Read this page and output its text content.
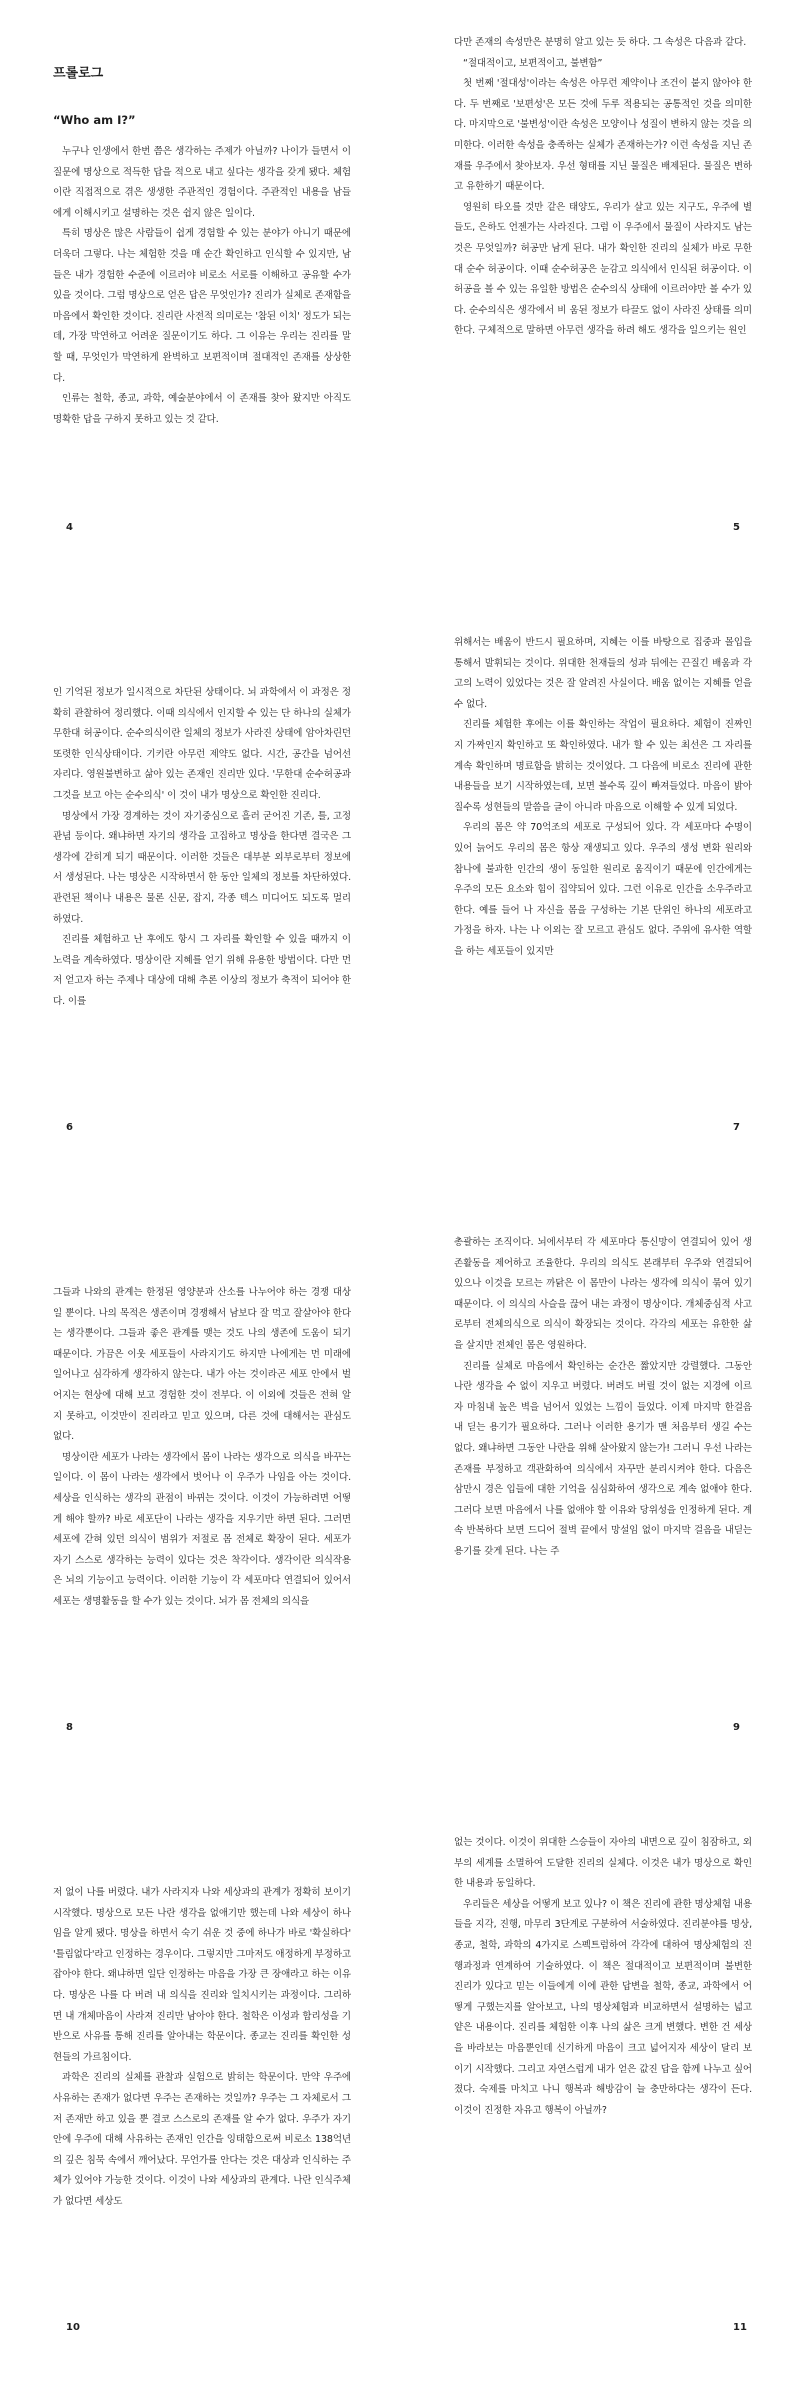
프롤로그
“Who am I?”

누구나 인생에서 한번 쯤은 생각하는 주제가 아닐까? 나이가 들면서 이 질문에 명상으로 적득한 답을 적으로 내고 싶다는 생각을 갖게 됐다. 체험이란 직접적으로 겪은 생생한 주관적인 경험이다. 주관적인 내용을 남들에게 이해시키고 설명하는 것은 쉽지 않은 일이다.

특히 명상은 많은 사람들이 쉽게 경험할 수 있는 분야가 아니기 때문에 더욱더 그렇다. 나는 체험한 것을 매 순간 확인하고 인식할 수 있지만, 남들은 내가 경험한 수준에 이르러야 비로소 서로를 이해하고 공유할 수가 있을 것이다. 그럼 명상으로 얻은 답은 무엇인가? 진리가 실체로 존재함을 마음에서 확인한 것이다. 진리란 사전적 의미로는 '참된 이치' 정도가 되는데, 가장 막연하고 어려운 질문이기도 하다. 그 이유는 우리는 진리를 말할 때, 무엇인가 막연하게 완벽하고 보편적이며 절대적인 존재를 상상한다.

인류는 철학, 종교, 과학, 예술분야에서 이 존재를 찾아 왔지만 아직도 명확한 답을 구하지 못하고 있는 것 같다.

4

다만 존재의 속성만은 분명히 알고 있는 듯 하다. 그 속성은 다음과 같다.

“절대적이고, 보편적이고, 불변함”

첫 번째 '절대성'이라는 속성은 아무런 제약이나 조건이 붙지 않아야 한다. 두 번째로 '보편성'은 모든 것에 두루 적용되는 공통적인 것을 의미한다. 마지막으로 '불변성'이란 속성은 모양이나 성질이 변하지 않는 것을 의미한다. 이러한 속성을 충족하는 실체가 존재하는가? 이런 속성을 지닌 존재를 우주에서 찾아보자. 우선 형태를 지닌 물질은 배제된다. 물질은 변하고 유한하기 때문이다.

영원히 타오를 것만 같은 태양도, 우리가 살고 있는 지구도, 우주에 별들도, 은하도 언젠가는 사라진다. 그럼 이 우주에서 물질이 사라지도 남는 것은 무엇일까? 허공만 남게 된다. 내가 확인한 진리의 실체가 바로 무한대 순수 허공이다. 이때 순수허공은 눈감고 의식에서 인식된 허공이다. 이 허공을 볼 수 있는 유일한 방법은 순수의식 상태에 이르러야만 볼 수가 있다. 순수의식은 생각에서 비 움된 정보가 타끌도 없이 사라진 상태를 의미한다. 구체적으로 말하면 아무런 생각을 하려 해도 생각을 일으키는 원인

5

인 기억된 정보가 일시적으로 차단된 상태이다. 뇌 과학에서 이 과정은 정확히 관찰하여 정리했다. 이때 의식에서 인지할 수 있는 단 하나의 실체가 무한대 허공이다. 순수의식이란 일체의 정보가 사라진 상태에 암아차린던 또렷한 인식상태이다. 기키란 아무런 제약도 없다. 시간, 공간을 넘어선 자리다. 영원불변하고 삶아 있는 존재인 진리만 있다. '무한대 순수허공과 그것을 보고 아는 순수의식' 이 것이 내가 명상으로 확인한 진리다.

명상에서 가장 경계하는 것이 자기중심으로 흘러 굳어진 기존, 틀, 고정관념 등이다. 왜냐하면 자기의 생각을 고집하고 명상을 한다면 결국은 그 생각에 갇히게 되기 때문이다. 이러한 것들은 대부분 외부로부터 정보에서 생성된다. 나는 명상은 시작하면서 한 동안 일체의 정보를 차단하였다. 관련된 책이나 내용은 물론 신문, 잡지, 각종 텍스 미디어도 되도록 멀리하였다.

진리를 체험하고 난 후에도 항시 그 자리를 확인할 수 있을 때까지 이 노력을 계속하였다. 명상이란 지혜를 얻기 위해 유용한 방법이다. 다만 먼저 얻고자 하는 주제나 대상에 대해 추론 이상의 정보가 축적이 되어야 한다. 이를

6

위해서는 배움이 반드시 필요하며, 지혜는 이를 바탕으로 집중과 몰입을 통해서 발휘되는 것이다. 위대한 천재들의 성과 뒤에는 끈질긴 배움과 각고의 노력이 있었다는 것은 잘 알려진 사실이다. 배움 없이는 지혜를 얻을 수 없다.

진리를 체험한 후에는 이를 확인하는 작업이 필요하다. 체험이 진짜인지 가짜인지 확인하고 또 확인하였다. 내가 할 수 있는 최선은 그 자리를 계속 확인하며 명료함을 밝히는 것이었다. 그 다음에 비로소 진리에 관한 내용들을 보기 시작하였는데, 보면 볼수록 깊이 빠져들었다. 마음이 밝아 질수록 성현들의 말씀을 글이 아니라 마음으로 이해할 수 있게 되었다.

우리의 몸은 약 70억조의 세포로 구성되어 있다. 각 세포마다 수명이 있어 늙어도 우리의 몸은 항상 재생되고 있다. 우주의 생성 변화 원리와 참나에 불과한 인간의 생이 동일한 원리로 움직이기 때문에 인간에게는 우주의 모든 요소와 힘이 집약되어 있다. 그런 이유로 인간을 소우주라고 한다. 예를 들어 나 자신을 몸을 구성하는 기본 단위인 하나의 세포라고 가정을 하자. 나는 나 이외는 잘 모르고 관심도 없다. 주위에 유사한 역할을 하는 세포들이 있지만

7

그들과 나와의 관계는 한정된 영양분과 산소를 나누어야 하는 경쟁 대상일 뿐이다. 나의 목적은 생존이며 경쟁해서 남보다 잘 먹고 잘살아야 한다는 생각뿐이다. 그들과 좋은 관계를 맺는 것도 나의 생존에 도움이 되기 때문이다. 가끔은 이웃 세포들이 사라지기도 하지만 나에게는 먼 미래에 일어나고 심각하게 생각하지 않는다. 내가 아는 것이라곤 세포 안에서 벌어지는 현상에 대해 보고 경험한 것이 전부다. 이 이외에 것들은 전혀 알지 못하고, 이것만이 진리라고 믿고 있으며, 다른 것에 대해서는 관심도 없다.

명상이란 세포가 나라는 생각에서 몸이 나라는 생각으로 의식을 바꾸는 일이다. 이 몸이 나라는 생각에서 벗어나 이 우주가 나임을 아는 것이다. 세상을 인식하는 생각의 관점이 바뀌는 것이다. 이것이 가능하려면 어떻게 해야 할까? 바로 세포단이 나라는 생각을 지우기만 하면 된다. 그러면 세포에 갇혀 있던 의식이 범위가 저절로 몸 전체로 확장이 된다. 세포가 자기 스스로 생각하는 능력이 있다는 것은 착각이다. 생각이란 의식작용은 뇌의 기능이고 능력이다. 이러한 기능이 각 세포마다 연결되어 있어서 세포는 생명활동을 할 수가 있는 것이다. 뇌가 몸 전체의 의식을

8

총괄하는 조직이다. 뇌에서부터 각 세포마다 통신망이 연결되어 있어 생존활동을 제어하고 조율한다. 우리의 의식도 본래부터 우주와 연결되어 있으나 이것을 모르는 까닭은 이 몸만이 나라는 생각에 의식이 묶여 있기 때문이다. 이 의식의 사슬을 끊어 내는 과정이 명상이다. 개체중심적 사고로부터 전체의식으로 의식이 확장되는 것이다. 각각의 세포는 유한한 삶을 살지만 전체인 몸은 영원하다.

진리를 실체로 마음에서 확인하는 순간은 짧았지만 강렬했다. 그동안 나란 생각을 수 없이 지우고 버렸다. 버려도 버릴 것이 없는 지경에 이르자 마침내 높은 벽을 넘어서 있었는 느낌이 들었다. 이제 마지막 한걸음 내 딛는 용기가 필요하다. 그러나 이러한 용기가 맨 처음부터 생길 수는 없다. 왜냐하면 그동안 나란을 위해 살아왔지 않는가! 그러니 우선 나라는 존재를 부정하고 객관화하여 의식에서 자꾸만 분리시켜야 한다. 다음은 삼만시 경은 입들에 대한 기억을 심심화하여 생각으로 계속 없애야 한다. 그러다 보면 마음에서 나를 없애야 할 이유와 당위성을 인정하게 된다. 계속 반복하다 보면 드디어 절벽 끝에서 망설임 없이 마지막 걸음을 내딛는 용기를 갖게 된다. 나는 주

9

저 없이 나를 버렸다. 내가 사라지자 나와 세상과의 관계가 정확히 보이기 시작했다. 명상으로 모든 나란 생각을 없애기만 했는데 나와 세상이 하나임을 알게 됐다. 명상을 하면서 숙기 쉬운 것 중에 하나가 바로 '확실하다' '틀림없다'라고 인정하는 경우이다. 그렇지만 그마저도 애정하게 부정하고 잡아야 한다. 왜냐하면 일단 인정하는 마음을 가장 큰 장애라고 하는 이유다. 명상은 나를 다 버려 내 의식을 진리와 일치시키는 과정이다. 그리하면 내 개체마음이 사라져 진리만 남아야 한다. 철학은 이성과 합리성을 기반으로 사유를 통해 진리를 알아내는 학문이다. 종교는 진리를 확인한 성현들의 가르침이다.

과학은 진리의 실체를 관찰과 실험으로 밝히는 학문이다. 만약 우주에 사유하는 존재가 없다면 우주는 존재하는 것일까? 우주는 그 자체로서 그저 존재만 하고 있을 뿐 결코 스스로의 존재를 알 수가 없다. 우주가 자기 안에 우주에 대해 사유하는 존재인 인간을 잉태함으로써 비로소 138억년의 깊은 침묵 속에서 깨어났다. 무언가를 안다는 것은 대상과 인식하는 주체가 있어야 가능한 것이다. 이것이 나와 세상과의 관계다. 나란 인식주체가 없다면 세상도

10

없는 것이다. 이것이 위대한 스승들이 자아의 내면으로 깊이 침잠하고, 외부의 세계를 소멸하여 도달한 진리의 실체다. 이것은 내가 명상으로 확인한 내용과 동일하다.

우리들은 세상을 어떻게 보고 있나? 이 책은 진리에 관한 명상체험 내용들을 지각, 진행, 마무리 3단계로 구분하여 서술하였다. 진리분야를 명상, 종교, 철학, 과학의 4가지로 스펙트럼하여 각각에 대하여 명상체험의 진행과정과 연계하여 기술하였다. 이 책은 절대적이고 보편적이며 불변한 진리가 있다고 믿는 이들에게 이에 관한 답변을 철학, 종교, 과학에서 어떻게 구했는지를 알아보고, 나의 명상체험과 비교하면서 설명하는 넓고 얕은 내용이다. 진리를 체험한 이후 나의 삶은 크게 변했다. 변한 건 세상을 바라보는 마음뿐인데 신기하게 마음이 크고 넓어지자 세상이 달리 보이기 시작했다. 그리고 자연스럽게 내가 얻은 값진 답을 함께 나누고 싶어졌다. 숙제를 마치고 나니 행복과 해방감이 늘 충만하다는 생각이 든다. 이것이 진정한 자유고 행복이 아닐까?

11
